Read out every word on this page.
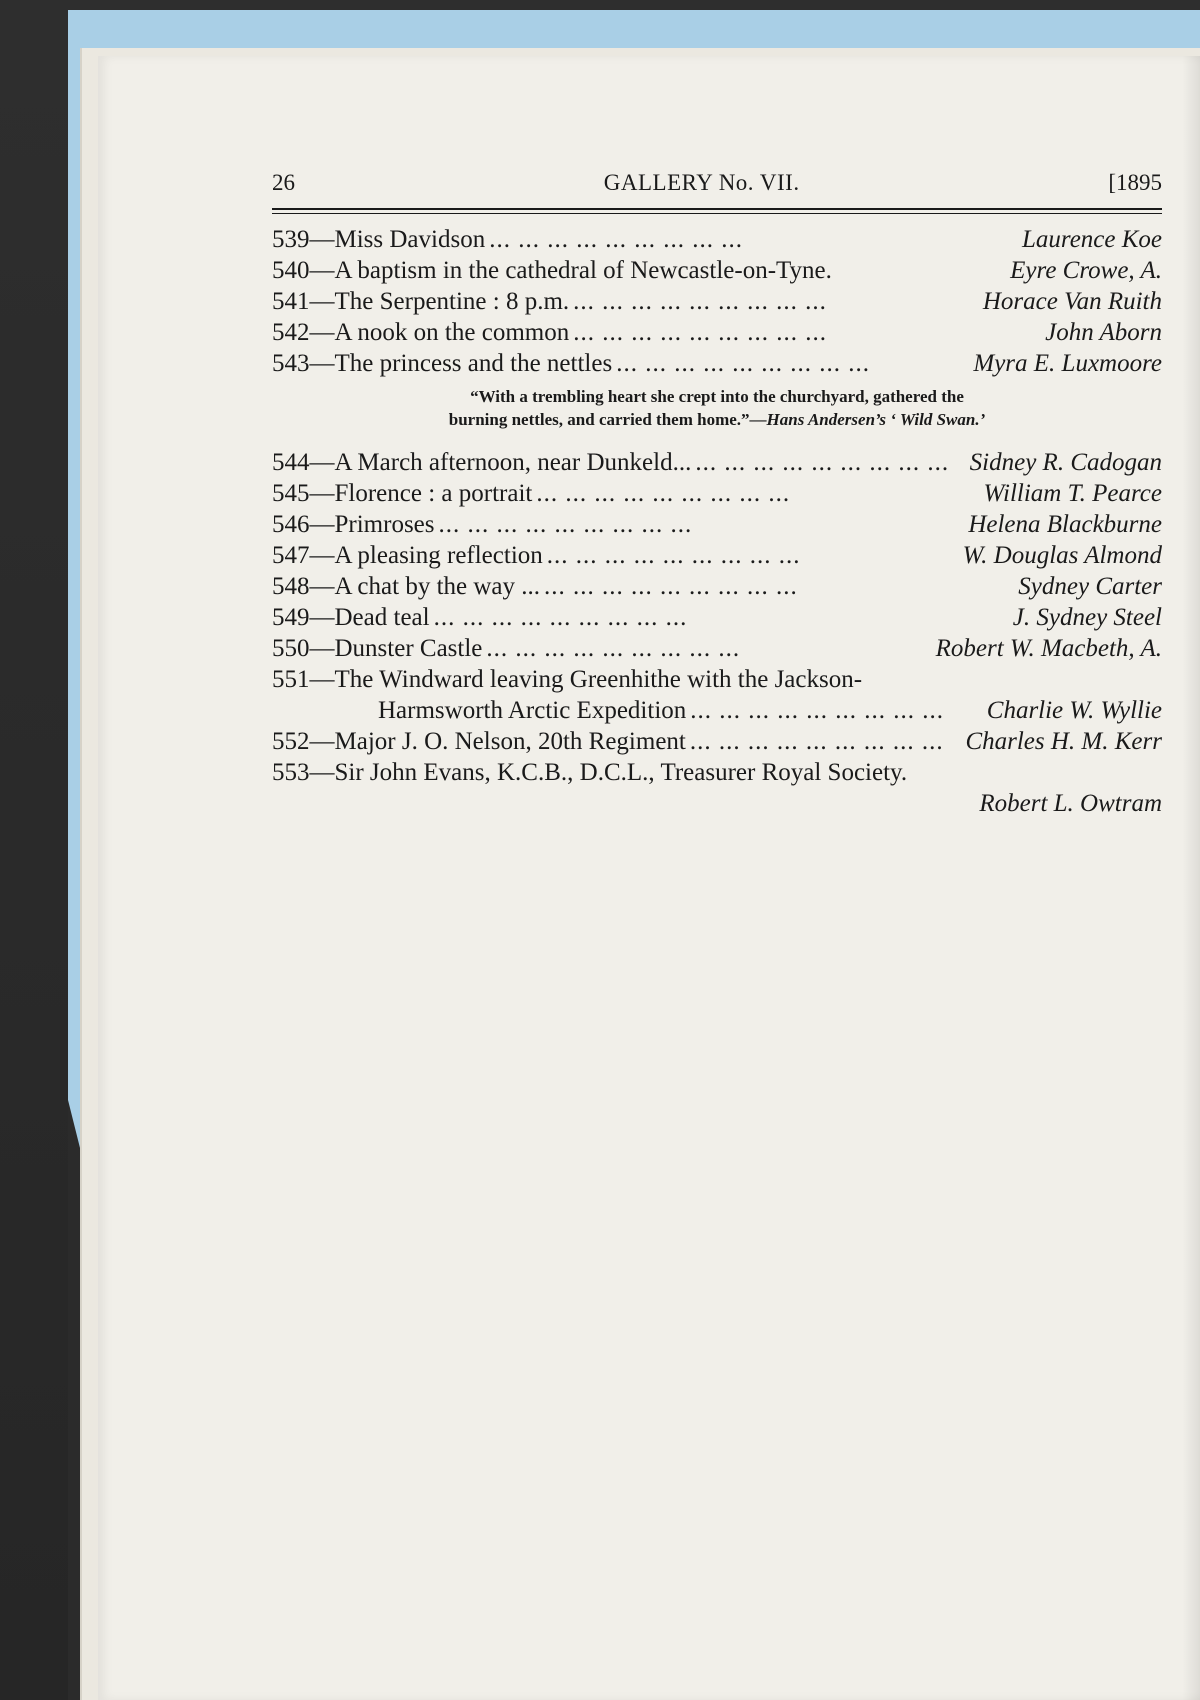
26	GALLERY No. VII.	[1895
539—Miss Davidson ... ... ... ... ... ... ... ... ...	Laurence Koe
540—A baptism in the cathedral of Newcastle-on-Tyne.	Eyre Crowe, A.
541—The Serpentine : 8 p.m. ... ... ... ... ... ... ... ... ...	Horace Van Ruith
542—A nook on the common ... ... ... ... ... ... ... ... ...	John Aborn
543—The princess and the nettles ... ... ... ... ... ... ... ... ...	Myra E. Luxmoore
“With a trembling heart she crept into the churchyard, gathered the
burning nettles, and carried them home.”—Hans Andersen’s ‘ Wild Swan.’
544—A March afternoon, near Dunkeld... ... ... ... ... ... ... ... ... ... Sidney R. Cadogan
545—Florence : a portrait ... ... ... ... ... ... ... ... ...	William T. Pearce
546—Primroses ... ... ... ... ... ... ... ... ...	Helena Blackburne
547—A pleasing reflection ... ... ... ... ... ... ... ... ...	W. Douglas Almond
548—A chat by the way ... ... ... ... ... ... ... ... ... ...	Sydney Carter
549—Dead teal ... ... ... ... ... ... ... ... ...	J. Sydney Steel
550—Dunster Castle ... ... ... ... ... ... ... ... ...	Robert W. Macbeth, A.
551—The Windward leaving Greenhithe with the Jackson-
Harmsworth Arctic Expedition ... ... ... ... ... ... ... ... ...	Charlie W. Wyllie
552—Major J. O. Nelson, 20th Regiment ... ... ... ... ... ... ... ... ... Charles H. M. Kerr
553—Sir John Evans, K.C.B., D.C.L., Treasurer Royal Society.
Robert L. Owtram
